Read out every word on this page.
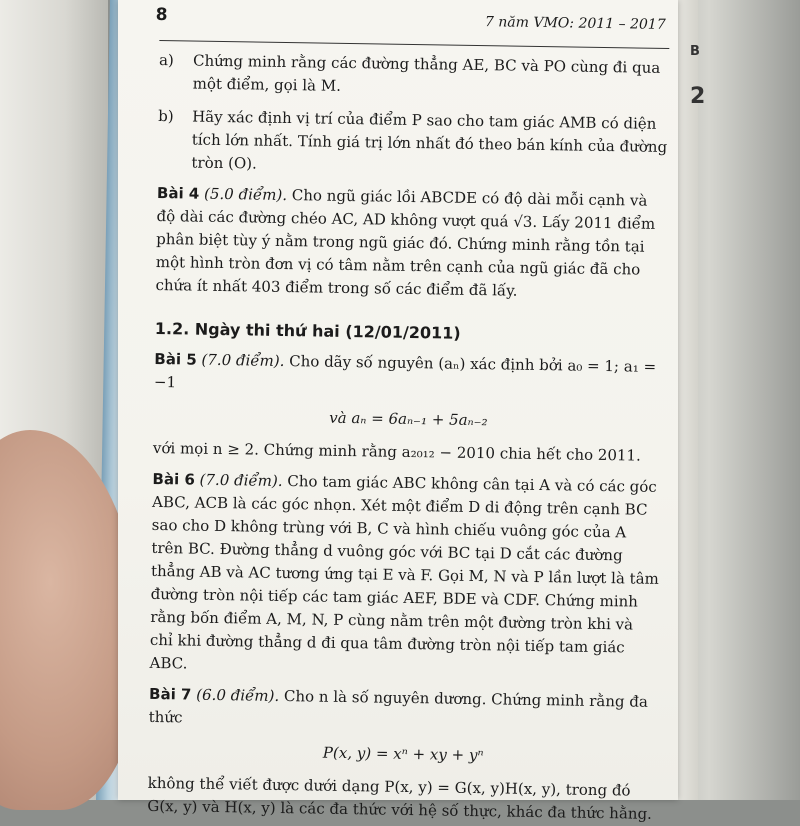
B
2
8	7 năm VMO: 2011 – 2017
a) Chứng minh rằng các đường thẳng AE, BC và PO cùng đi qua một điểm, gọi là M.

b) Hãy xác định vị trí của điểm P sao cho tam giác AMB có diện tích lớn nhất. Tính giá trị lớn nhất đó theo bán kính của đường tròn (O).

Bài 4 (5.0 điểm). Cho ngũ giác lồi ABCDE có độ dài mỗi cạnh và độ dài các đường chéo AC, AD không vượt quá √3. Lấy 2011 điểm phân biệt tùy ý nằm trong ngũ giác đó. Chứng minh rằng tồn tại một hình tròn đơn vị có tâm nằm trên cạnh của ngũ giác đã cho chứa ít nhất 403 điểm trong số các điểm đã lấy.

1.2. Ngày thi thứ hai (12/01/2011)

Bài 5 (7.0 điểm). Cho dãy số nguyên (aₙ) xác định bởi a₀ = 1; a₁ = −1

và aₙ = 6aₙ₋₁ + 5aₙ₋₂

với mọi n ≥ 2. Chứng minh rằng a₂₀₁₂ − 2010 chia hết cho 2011.

Bài 6 (7.0 điểm). Cho tam giác ABC không cân tại A và có các góc ABC, ACB là các góc nhọn. Xét một điểm D di động trên cạnh BC sao cho D không trùng với B, C và hình chiếu vuông góc của A trên BC. Đường thẳng d vuông góc với BC tại D cắt các đường thẳng AB và AC tương ứng tại E và F. Gọi M, N và P lần lượt là tâm đường tròn nội tiếp các tam giác AEF, BDE và CDF. Chứng minh rằng bốn điểm A, M, N, P cùng nằm trên một đường tròn khi và chỉ khi đường thẳng d đi qua tâm đường tròn nội tiếp tam giác ABC.

Bài 7 (6.0 điểm). Cho n là số nguyên dương. Chứng minh rằng đa thức

P(x, y) = xⁿ + xy + yⁿ

không thể viết được dưới dạng P(x, y) = G(x, y)H(x, y), trong đó G(x, y) và H(x, y) là các đa thức với hệ số thực, khác đa thức hằng.
